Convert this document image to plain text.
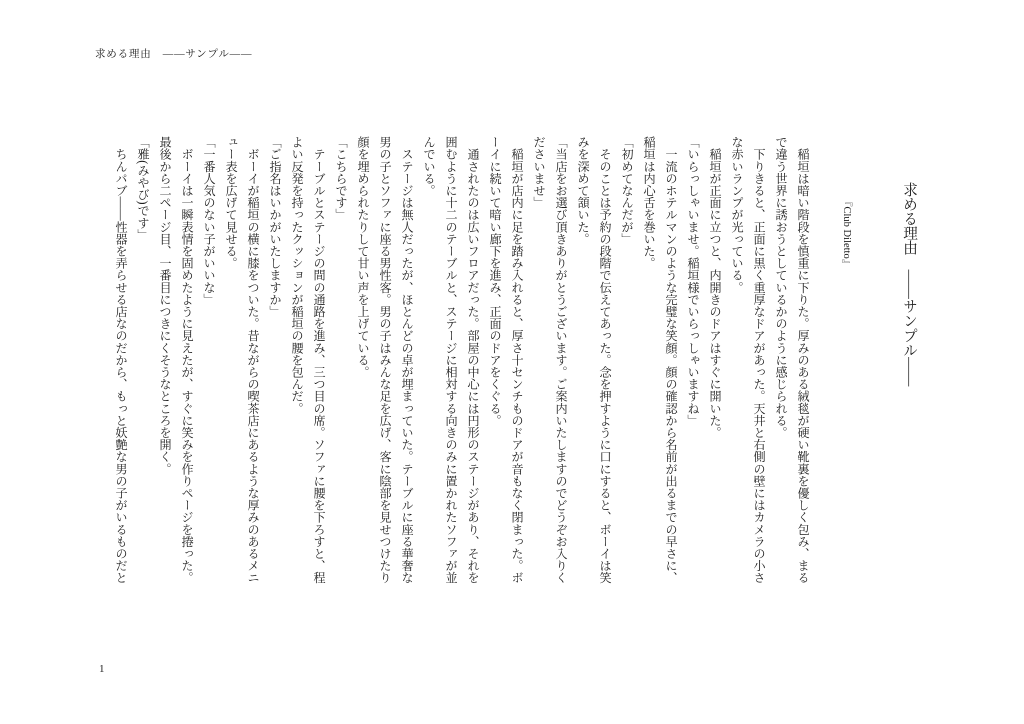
求める理由　――サンプル――

求める理由　――サンプル――

『Club Diletto』

　稲垣は暗い階段を慎重に下りた。厚みのある絨毯が硬い靴裏を優しく包み、まる

で違う世界に誘おうとしているかのように感じられる。

　下りきると、正面に黒く重厚なドアがあった。天井と右側の壁にはカメラの小さ

な赤いランプが光っている。

　稲垣が正面に立つと、内開きのドアはすぐに開いた。

「いらっしゃいませ。稲垣様でいらっしゃいますね」

　一流のホテルマンのような完璧な笑顔。顔の確認から名前が出るまでの早さに、

稲垣は内心舌を巻いた。

「初めてなんだが」

　そのことは予約の段階で伝えてあった。念を押すように口にすると、ボーイは笑

みを深めて頷いた。

「当店をお選び頂きありがとうございます。ご案内いたしますのでどうぞお入りく

ださいませ」

　稲垣が店内に足を踏み入れると、厚さ十センチものドアが音もなく閉まった。ボ

ーイに続いて暗い廊下を進み、正面のドアをくぐる。

　通されたのは広いフロアだった。部屋の中心には円形のステージがあり、それを

囲むように十二のテーブルと、ステージに相対する向きのみに置かれたソファが並

んでいる。

　ステージは無人だったが、ほとんどの卓が埋まっていた。テーブルに座る華奢な

男の子とソファに座る男性客。男の子はみんな足を広げ、客に陰部を見せつけたり

顔を埋められたりして甘い声を上げている。

「こちらです」

　テーブルとステージの間の通路を進み、三つ目の席。ソファに腰を下ろすと、程

よい反発を持ったクッションが稲垣の腰を包んだ。

「ご指名はいかがいたしますか」

　ボーイが稲垣の横に膝をついた。昔ながらの喫茶店にあるような厚みのあるメニ

ュー表を広げて見せる。

「一番人気のない子がいいな」

　ボーイは一瞬表情を固めたように見えたが、すぐに笑みを作りページを捲った。

最後から二ページ目、一番目につきにくそうなところを開く。

「雅(みやび)です」

　ちんパブ――性器を弄らせる店なのだから、もっと妖艶な男の子がいるものだと

1
